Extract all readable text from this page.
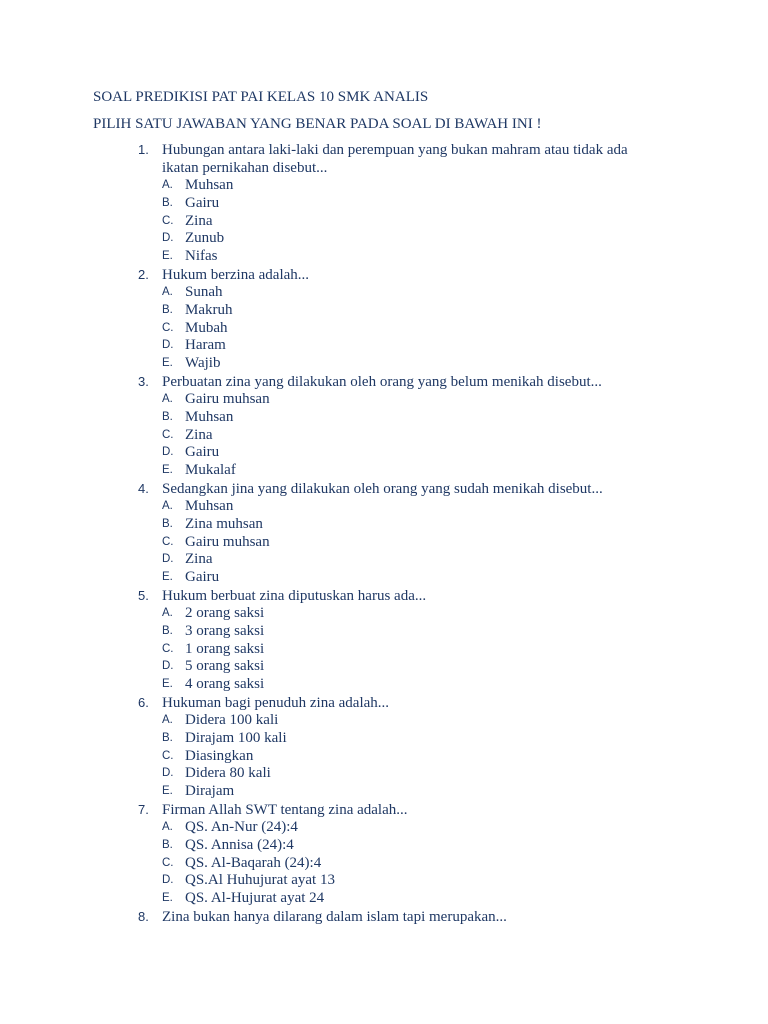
SOAL PREDIKISI PAT PAI KELAS 10 SMK ANALIS
PILIH SATU JAWABAN YANG BENAR PADA SOAL DI BAWAH INI !
1. Hubungan antara laki-laki dan perempuan yang bukan mahram atau tidak ada ikatan pernikahan disebut...
A. Muhsan
B. Gairu
C. Zina
D. Zunub
E. Nifas
2. Hukum berzina adalah...
A. Sunah
B. Makruh
C. Mubah
D. Haram
E. Wajib
3. Perbuatan zina yang dilakukan oleh orang yang belum menikah disebut...
A. Gairu muhsan
B. Muhsan
C. Zina
D. Gairu
E. Mukalaf
4. Sedangkan jina yang dilakukan oleh orang yang sudah menikah disebut...
A. Muhsan
B. Zina muhsan
C. Gairu muhsan
D. Zina
E. Gairu
5. Hukum berbuat zina diputuskan harus ada...
A. 2 orang saksi
B. 3 orang saksi
C. 1 orang saksi
D. 5 orang saksi
E. 4 orang saksi
6. Hukuman bagi penuduh zina adalah...
A. Didera 100 kali
B. Dirajam 100 kali
C. Diasingkan
D. Didera 80 kali
E. Dirajam
7. Firman Allah SWT tentang zina adalah...
A. QS. An-Nur (24):4
B. QS. Annisa (24):4
C. QS. Al-Baqarah (24):4
D. QS.Al Huhujurat ayat 13
E. QS. Al-Hujurat ayat 24
8. Zina bukan hanya dilarang dalam islam tapi merupakan...
